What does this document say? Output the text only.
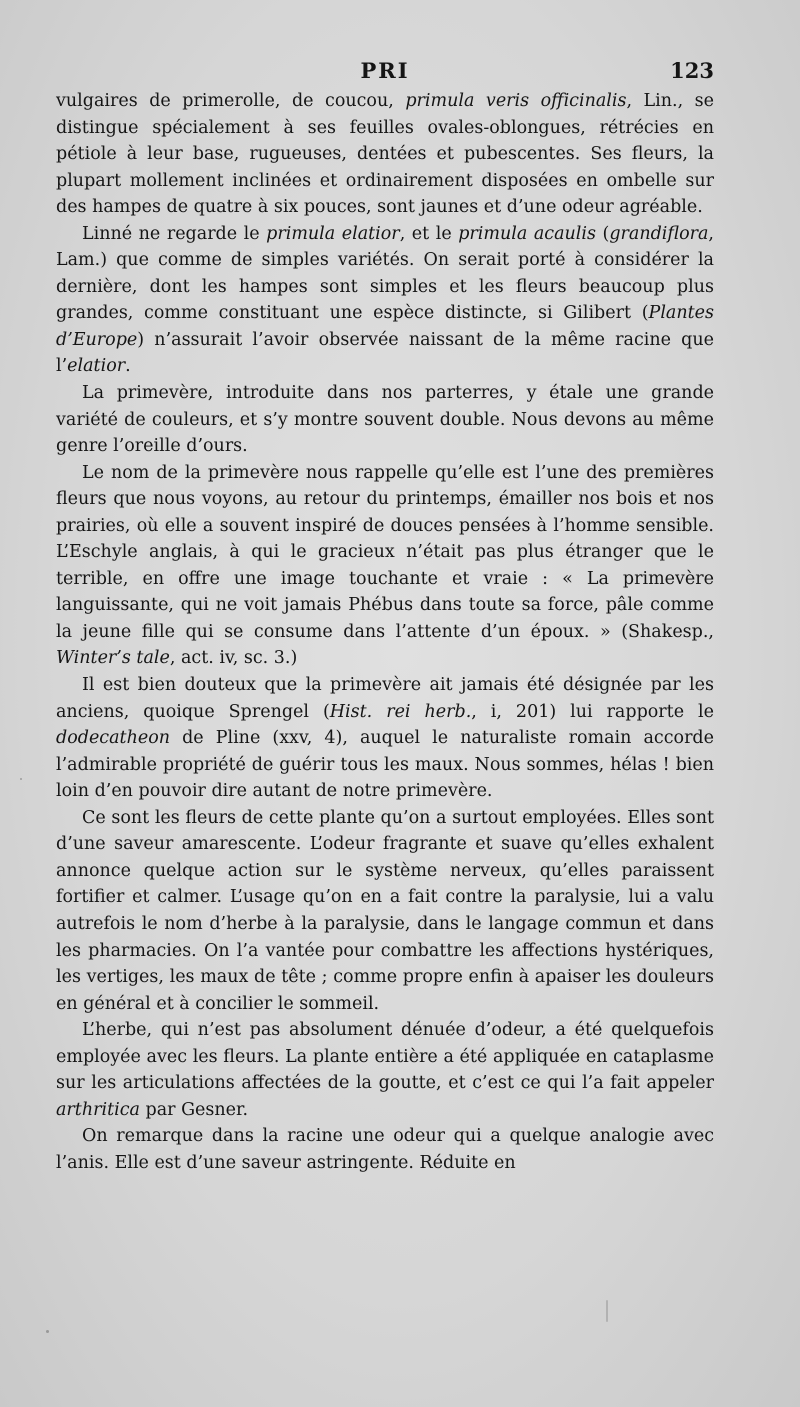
PRI	123

vulgaires de primerolle, de coucou, primula veris officinalis, Lin., se distingue spécialement à ses feuilles ovales-oblongues, rétrécies en pétiole à leur base, rugueuses, dentées et pubescentes. Ses fleurs, la plupart mollement inclinées et ordinairement disposées en ombelle sur des hampes de quatre à six pouces, sont jaunes et d’une odeur agréable.

Linné ne regarde le primula elatior, et le primula acaulis (grandiflora, Lam.) que comme de simples variétés. On serait porté à considérer la dernière, dont les hampes sont simples et les fleurs beaucoup plus grandes, comme constituant une espèce distincte, si Gilibert (Plantes d’Europe) n’assurait l’avoir observée naissant de la même racine que l’elatior.

La primevère, introduite dans nos parterres, y étale une grande variété de couleurs, et s’y montre souvent double. Nous devons au même genre l’oreille d’ours.

Le nom de la primevère nous rappelle qu’elle est l’une des premières fleurs que nous voyons, au retour du printemps, émailler nos bois et nos prairies, où elle a souvent inspiré de douces pensées à l’homme sensible. L’Eschyle anglais, à qui le gracieux n’était pas plus étranger que le terrible, en offre une image touchante et vraie : « La primevère languissante, qui ne voit jamais Phébus dans toute sa force, pâle comme la jeune fille qui se consume dans l’attente d’un époux. » (Shakesp., Winter’s tale, act. iv, sc. 3.)

Il est bien douteux que la primevère ait jamais été désignée par les anciens, quoique Sprengel (Hist. rei herb., i, 201) lui rapporte le dodecatheon de Pline (xxv, 4), auquel le naturaliste romain accorde l’admirable propriété de guérir tous les maux. Nous sommes, hélas ! bien loin d’en pouvoir dire autant de notre primevère.

Ce sont les fleurs de cette plante qu’on a surtout employées. Elles sont d’une saveur amarescente. L’odeur fragrante et suave qu’elles exhalent annonce quelque action sur le système nerveux, qu’elles paraissent fortifier et calmer. L’usage qu’on en a fait contre la paralysie, lui a valu autrefois le nom d’herbe à la paralysie, dans le langage commun et dans les pharmacies. On l’a vantée pour combattre les affections hystériques, les vertiges, les maux de tête ; comme propre enfin à apaiser les douleurs en général et à concilier le sommeil.

L’herbe, qui n’est pas absolument dénuée d’odeur, a été quelquefois employée avec les fleurs. La plante entière a été appliquée en cataplasme sur les articulations affectées de la goutte, et c’est ce qui l’a fait appeler arthritica par Gesner.

On remarque dans la racine une odeur qui a quelque analogie avec l’anis. Elle est d’une saveur astringente. Réduite en
